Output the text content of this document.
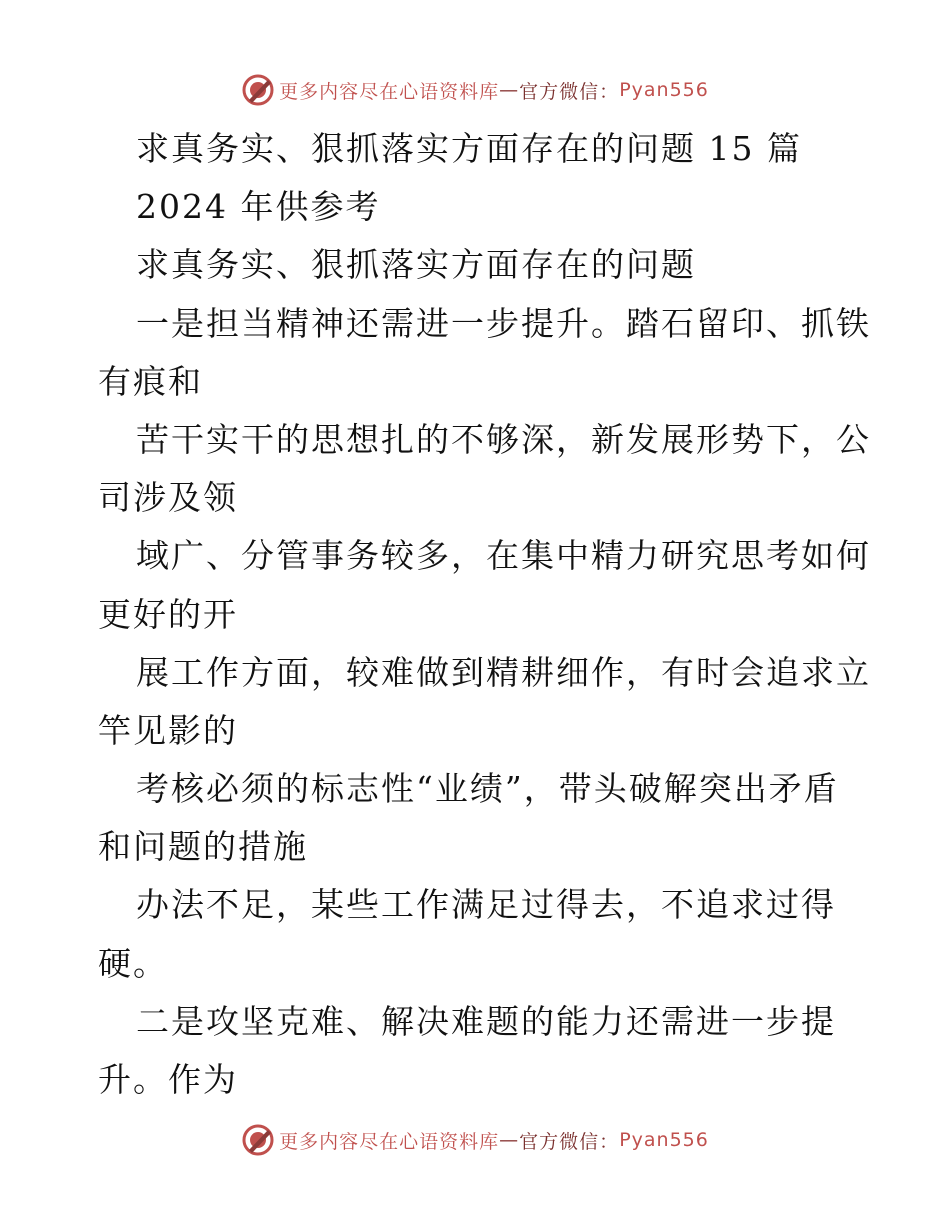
更多内容尽在心语资料库 — 官方微信： Pyan556
求真务实、狠抓落实方面存在的问题 15 篇
2024 年供参考
求真务实、狠抓落实方面存在的问题
一是担当精神还需进一步提升。踏石留印、抓铁
有痕和
苦干实干的思想扎的不够深，新发展形势下，公
司涉及领
域广、分管事务较多，在集中精力研究思考如何
更好的开
展工作方面，较难做到精耕细作，有时会追求立
竿见影的
考核必须的标志性“业绩”，带头破解突出矛盾
和问题的措施
办法不足，某些工作满足过得去，不追求过得
硬。
二是攻坚克难、解决难题的能力还需进一步提
升。作为
更多内容尽在心语资料库 — 官方微信： Pyan556
